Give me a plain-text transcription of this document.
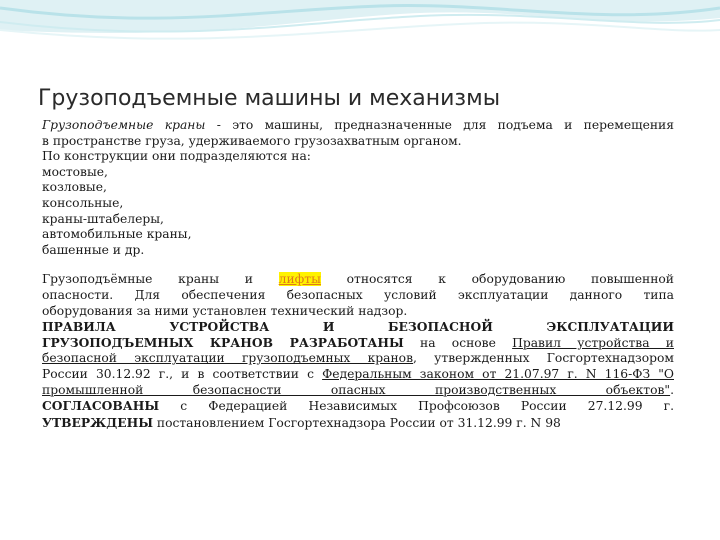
Грузоподъемные машины и механизмы

Грузоподъемные краны - это машины, предназначенные для подъема и перемещения

в пространстве груза, удерживаемого грузозахватным органом.

По конструкции они подразделяются на:

мостовые,

козловые,

консольные,

краны-штабелеры,

автомобильные краны,

башенные и др.

Грузоподъёмные краны и лифты относятся к оборудованию повышенной

опасности. Для обеспечения безопасных условий эксплуатации данного типа

оборудования за ними установлен технический надзор.

ПРАВИЛА УСТРОЙСТВА И БЕЗОПАСНОЙ ЭКСПЛУАТАЦИИ

ГРУЗОПОДЪЕМНЫХ КРАНОВ РАЗРАБОТАНЫ на основе Правил устройства и

безопасной эксплуатации грузоподъемных кранов, утвержденных Госгортехнадзором

России 30.12.92 г., и в соответствии с Федеральным законом от 21.07.97 г. N 116-ФЗ "О

промышленной безопасности опасных производственных объектов".

СОГЛАСОВАНЫ с Федерацией Независимых Профсоюзов России 27.12.99 г.

УТВЕРЖДЕНЫ постановлением Госгортехнадзора России от 31.12.99 г. N 98
